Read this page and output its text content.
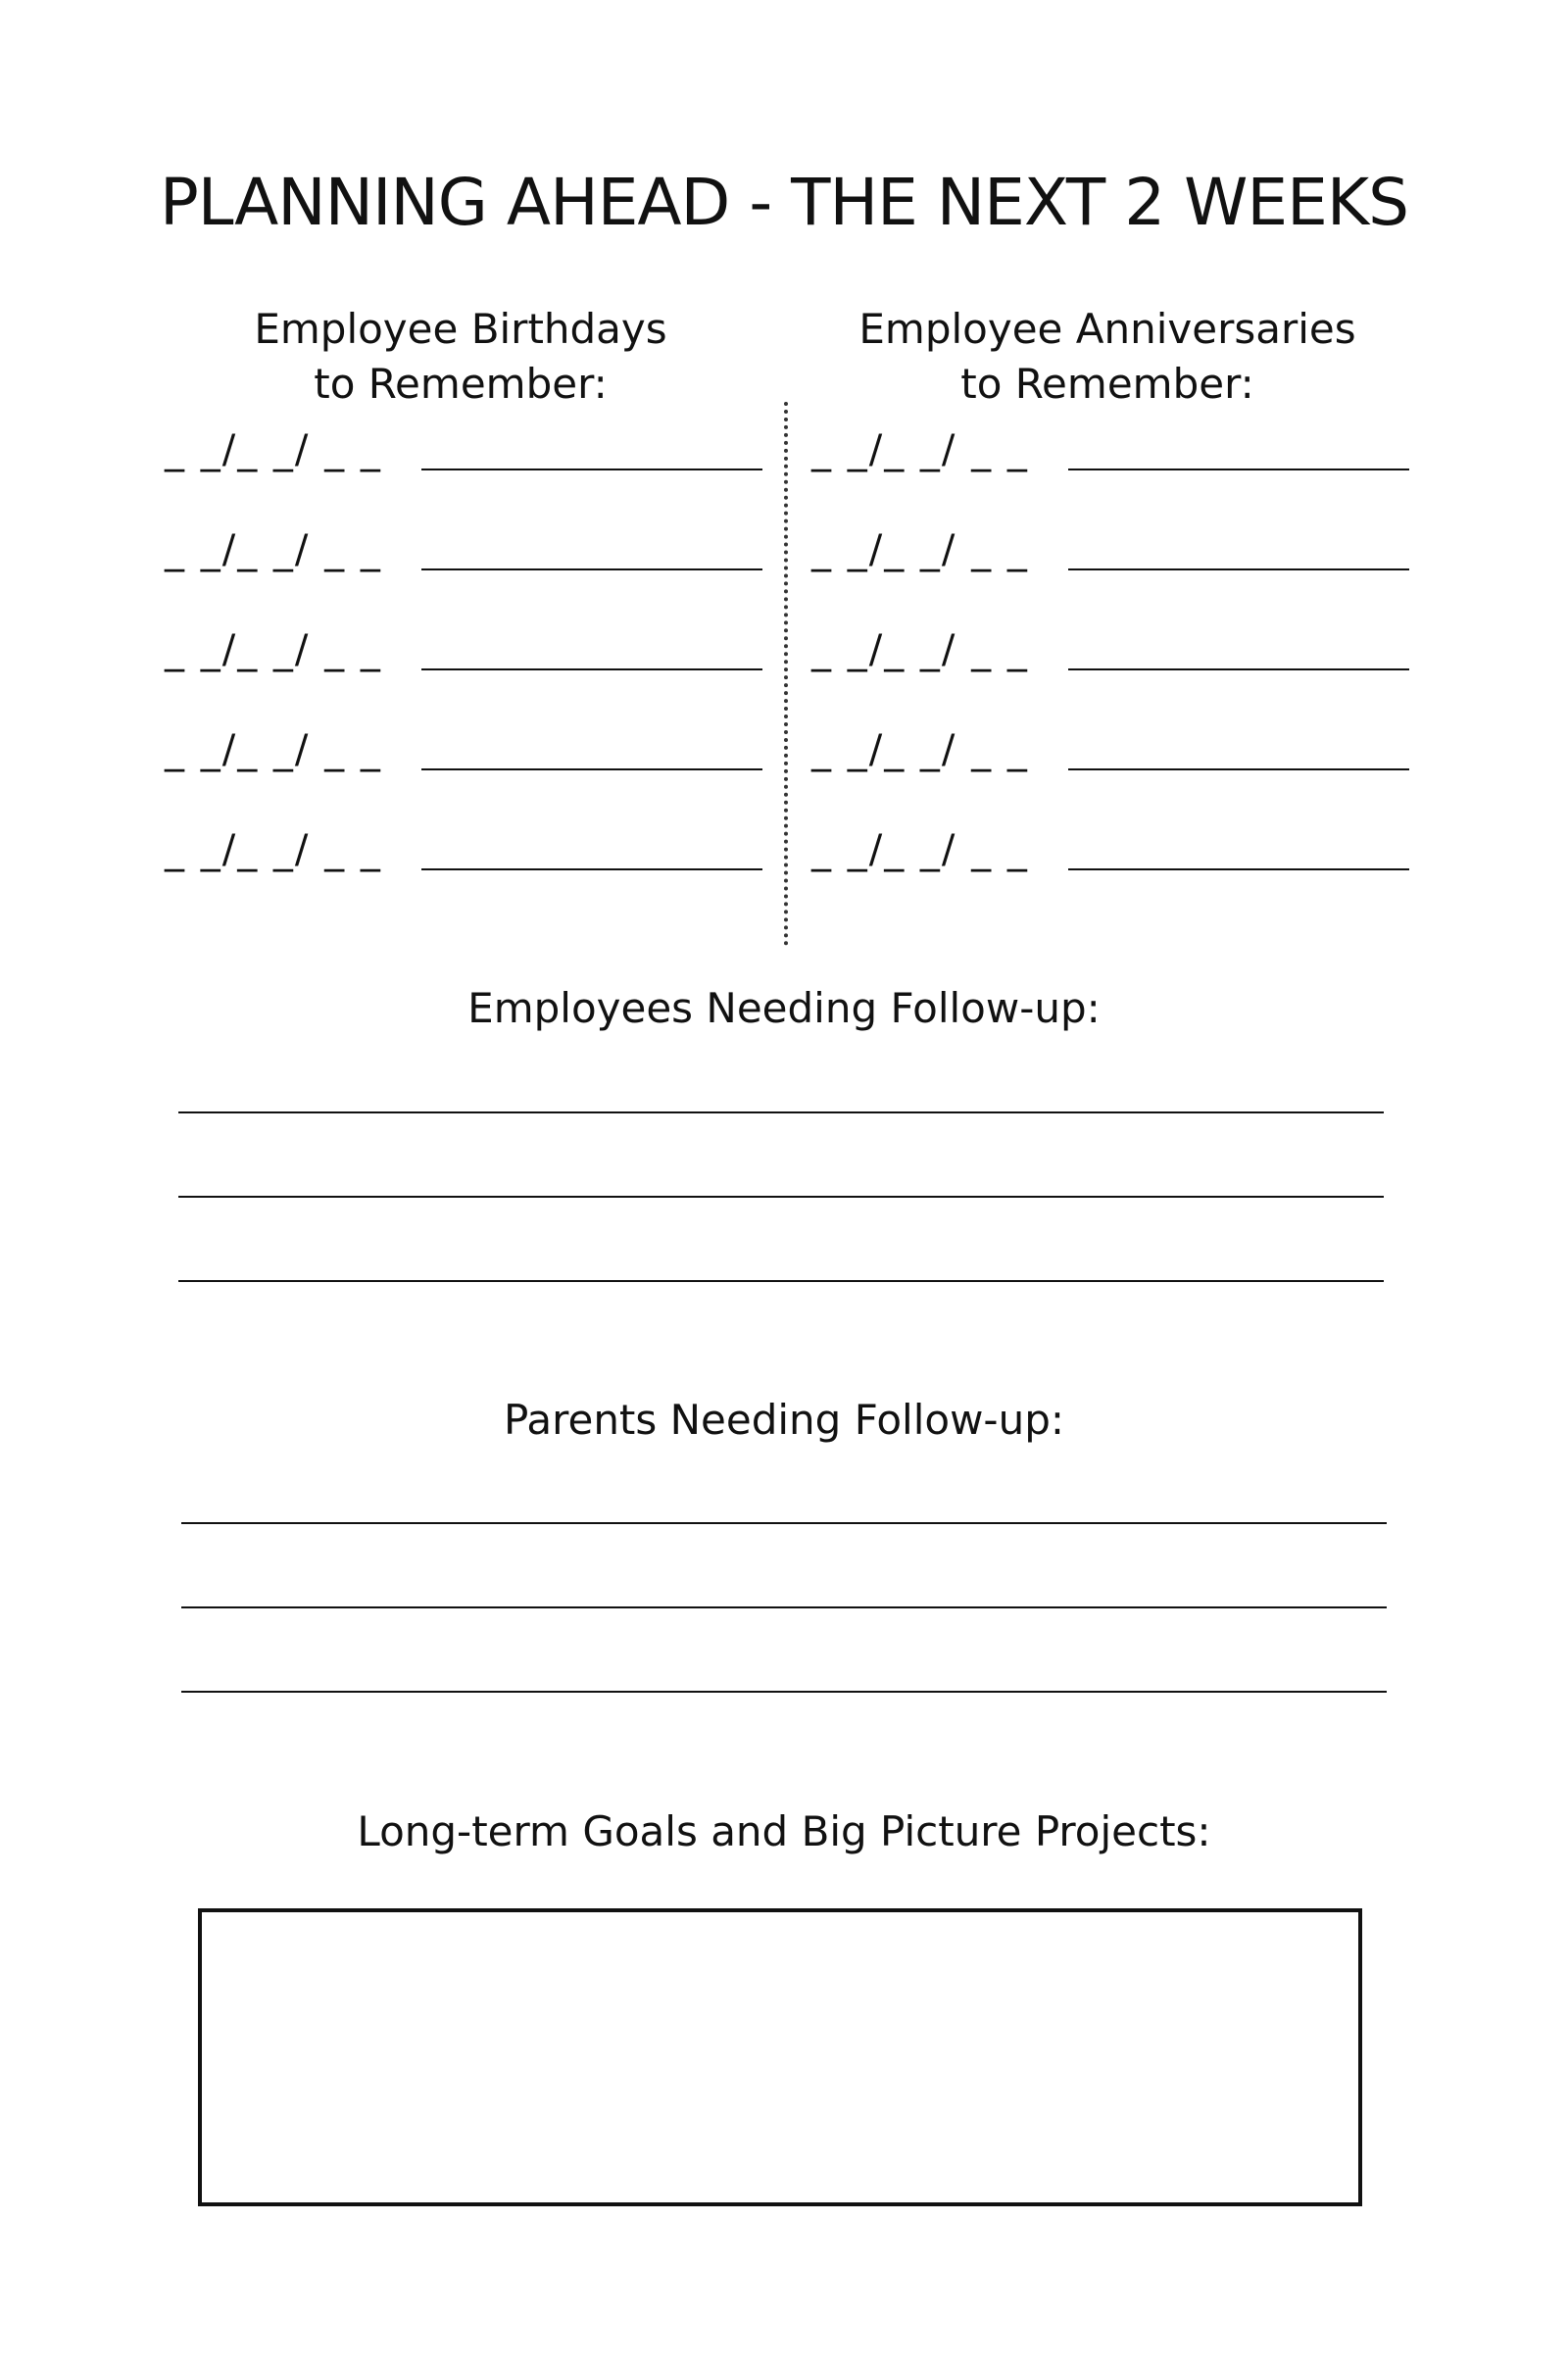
PLANNING AHEAD - THE NEXT 2 WEEKS
Employee Birthdays
to Remember:
_ _/_ _/ _ _
_ _/_ _/ _ _
_ _/_ _/ _ _
_ _/_ _/ _ _
_ _/_ _/ _ _
Employee Anniversaries
to Remember:
_ _/_ _/ _ _
_ _/_ _/ _ _
_ _/_ _/ _ _
_ _/_ _/ _ _
_ _/_ _/ _ _
Employees Needing Follow-up:
Parents Needing Follow-up:
Long-term Goals and Big Picture Projects:
